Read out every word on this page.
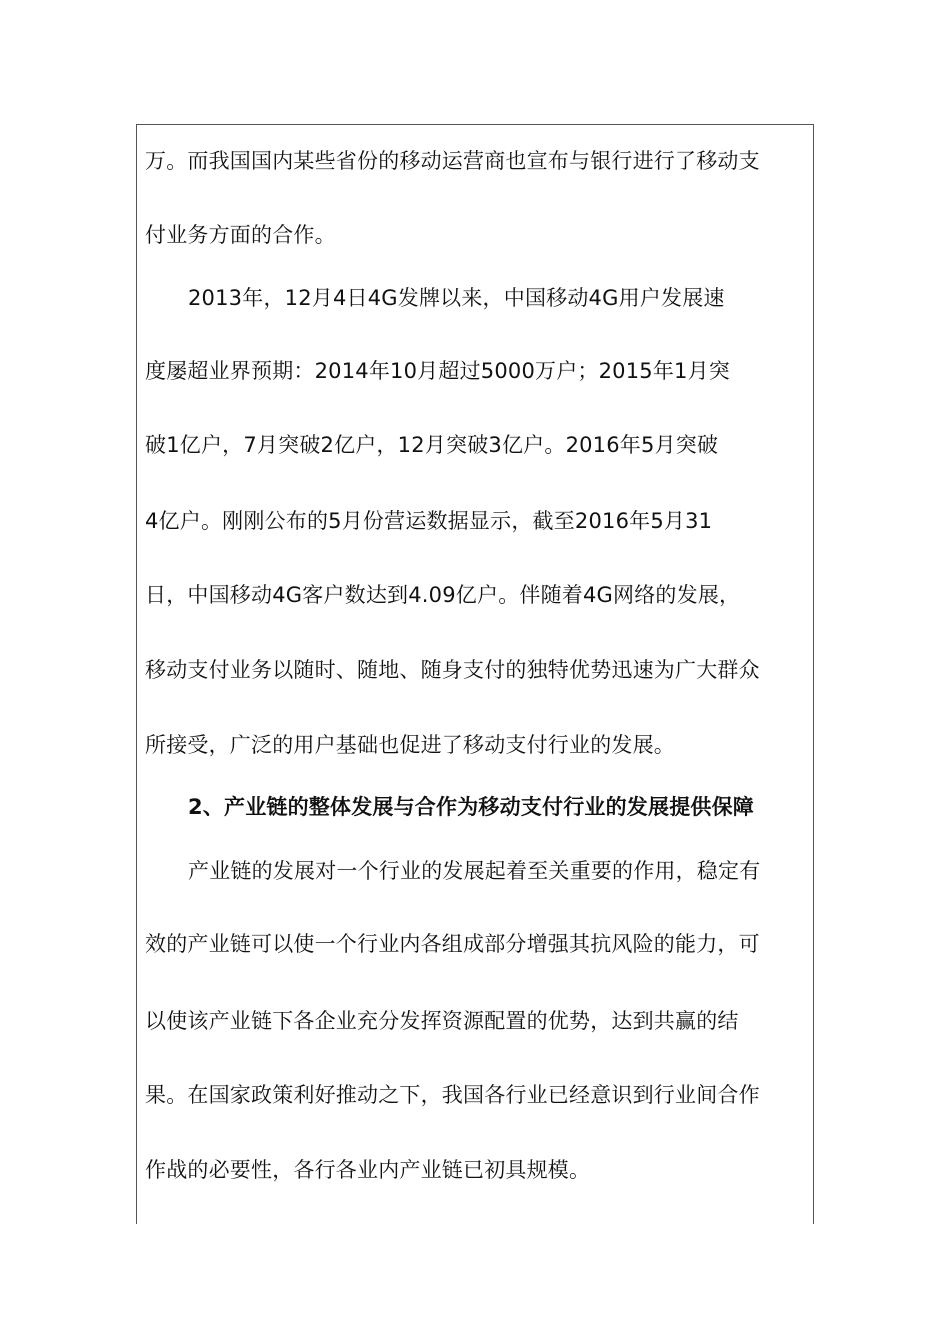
万。而我国国内某些省份的移动运营商也宣布与银行进行了移动支
付业务方面的合作。
2013年，12月4日4G发牌以来，中国移动4G用户发展速
度屡超业界预期：2014年10月超过5000万户；2015年1月突
破1亿户，7月突破2亿户，12月突破3亿户。2016年5月突破
4亿户。刚刚公布的5月份营运数据显示，截至2016年5月31
日，中国移动4G客户数达到4.09亿户。伴随着4G网络的发展，
移动支付业务以随时、随地、随身支付的独特优势迅速为广大群众
所接受，广泛的用户基础也促进了移动支付行业的发展。
2、产业链的整体发展与合作为移动支付行业的发展提供保障
产业链的发展对一个行业的发展起着至关重要的作用，稳定有
效的产业链可以使一个行业内各组成部分增强其抗风险的能力，可
以使该产业链下各企业充分发挥资源配置的优势，达到共赢的结
果。在国家政策利好推动之下，我国各行业已经意识到行业间合作
作战的必要性，各行各业内产业链已初具规模。
